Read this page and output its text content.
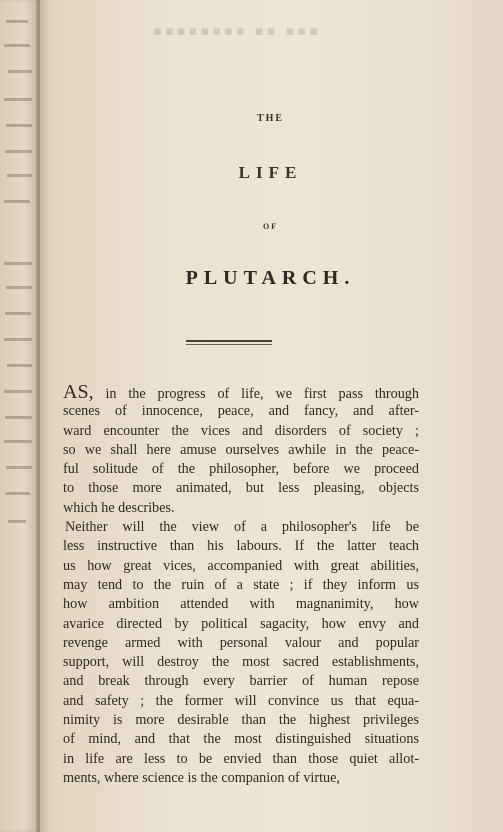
▪▪▪ ▪▪ ▪▪▪▪▪▪▪▪
THE
LIFE
OF
PLUTARCH.
AS, in the progress of life, we first pass through
scenes of innocence, peace, and fancy, and after-
ward encounter the vices and disorders of society ;
so we shall here amuse ourselves awhile in the peace-
ful solitude of the philosopher, before we proceed
to those more animated, but less pleasing, objects
which he describes.
Neither will the view of a philosopher's life be
less instructive than his labours. If the latter teach
us how great vices, accompanied with great abilities,
may tend to the ruin of a state ; if they inform us
how ambition attended with magnanimity, how
avarice directed by political sagacity, how envy and
revenge armed with personal valour and popular
support, will destroy the most sacred establishments,
and break through every barrier of human repose
and safety ; the former will convince us that equa-
nimity is more desirable than the highest privileges
of mind, and that the most distinguished situations
in life are less to be envied than those quiet allot-
ments, where science is the companion of virtue,
